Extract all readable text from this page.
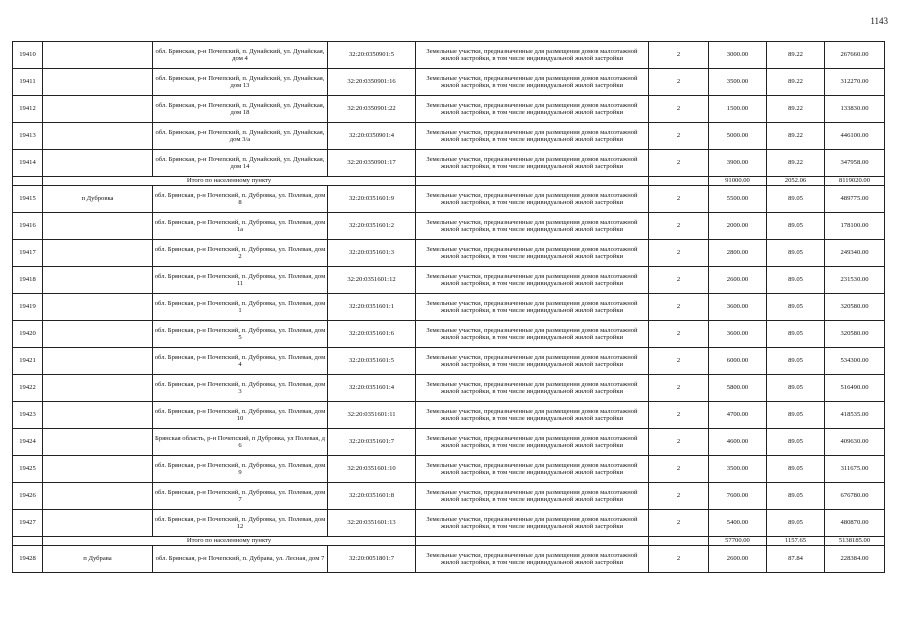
1143
19410		обл. Брянская, р-н Почепский, п. Дунайский, ул. Дунайская, дом 4	32:20:0350901:5	Земельные участки, предназначенные для размещения домов малоэтажной жилой застройки, в том числе индивидуальной жилой застройки	2	3000.00	89.22	267660.00
19411		обл. Брянская, р-н Почепский, п. Дунайский, ул. Дунайская, дом 13	32:20:0350901:16	Земельные участки, предназначенные для размещения домов малоэтажной жилой застройки, в том числе индивидуальной жилой застройки	2	3500.00	89.22	312270.00
19412		обл. Брянская, р-н Почепский, п. Дунайский, ул. Дунайская, дом 18	32:20:0350901:22	Земельные участки, предназначенные для размещения домов малоэтажной жилой застройки, в том числе индивидуальной жилой застройки	2	1500.00	89.22	133830.00
19413		обл. Брянская, р-н Почепский, п. Дунайский, ул. Дунайская, дом 3/а	32:20:0350901:4	Земельные участки, предназначенные для размещения домов малоэтажной жилой застройки, в том числе индивидуальной жилой застройки	2	5000.00	89.22	446100.00
19414		обл. Брянская, р-н Почепский, п. Дунайский, ул. Дунайская, дом 14	32:20:0350901:17	Земельные участки, предназначенные для размещения домов малоэтажной жилой застройки, в том числе индивидуальной жилой застройки	2	3900.00	89.22	347958.00
	Итого по населенному пункту					91000.00	2052.06	8119020.00
19415	п Дубровка	обл. Брянская, р-н Почепский, п. Дубровка, ул. Полевая, дом 8	32:20:0351601:9	Земельные участки, предназначенные для размещения домов малоэтажной жилой застройки, в том числе индивидуальной жилой застройки	2	5500.00	89.05	489775.00
19416		обл. Брянская, р-н Почепский, п. Дубровка, ул. Полевая, дом 1а	32:20:0351601:2	Земельные участки, предназначенные для размещения домов малоэтажной жилой застройки, в том числе индивидуальной жилой застройки	2	2000.00	89.05	178100.00
19417		обл. Брянская, р-н Почепский, п. Дубровка, ул. Полевая, дом 2	32:20:0351601:3	Земельные участки, предназначенные для размещения домов малоэтажной жилой застройки, в том числе индивидуальной жилой застройки	2	2800.00	89.05	249340.00
19418		обл. Брянская, р-н Почепский, п. Дубровка, ул. Полевая, дом 11	32:20:0351601:12	Земельные участки, предназначенные для размещения домов малоэтажной жилой застройки, в том числе индивидуальной жилой застройки	2	2600.00	89.05	231530.00
19419		обл. Брянская, р-н Почепский, п. Дубровка, ул. Полевая, дом 1	32:20:0351601:1	Земельные участки, предназначенные для размещения домов малоэтажной жилой застройки, в том числе индивидуальной жилой застройки	2	3600.00	89.05	320580.00
19420		обл. Брянская, р-н Почепский, п. Дубровка, ул. Полевая, дом 5	32:20:0351601:6	Земельные участки, предназначенные для размещения домов малоэтажной жилой застройки, в том числе индивидуальной жилой застройки	2	3600.00	89.05	320580.00
19421		обл. Брянская, р-н Почепский, п. Дубровка, ул. Полевая, дом 4	32:20:0351601:5	Земельные участки, предназначенные для размещения домов малоэтажной жилой застройки, в том числе индивидуальной жилой застройки	2	6000.00	89.05	534300.00
19422		обл. Брянская, р-н Почепский, п. Дубровка, ул. Полевая, дом 3	32:20:0351601:4	Земельные участки, предназначенные для размещения домов малоэтажной жилой застройки, в том числе индивидуальной жилой застройки	2	5800.00	89.05	516490.00
19423		обл. Брянская, р-н Почепский, п. Дубровка, ул. Полевая, дом 10	32:20:0351601:11	Земельные участки, предназначенные для размещения домов малоэтажной жилой застройки, в том числе индивидуальной жилой застройки	2	4700.00	89.05	418535.00
19424		Брянская область, р-н Почепский, п Дубровка, ул Полевая, д 6	32:20:0351601:7	Земельные участки, предназначенные для размещения домов малоэтажной жилой застройки, в том числе индивидуальной жилой застройки	2	4600.00	89.05	409630.00
19425		обл. Брянская, р-н Почепский, п. Дубровка, ул. Полевая, дом 9	32:20:0351601:10	Земельные участки, предназначенные для размещения домов малоэтажной жилой застройки, в том числе индивидуальной жилой застройки	2	3500.00	89.05	311675.00
19426		обл. Брянская, р-н Почепский, п. Дубровка, ул. Полевая, дом 7	32:20:0351601:8	Земельные участки, предназначенные для размещения домов малоэтажной жилой застройки, в том числе индивидуальной жилой застройки	2	7600.00	89.05	676780.00
19427		обл. Брянская, р-н Почепский, п. Дубровка, ул. Полевая, дом 12	32:20:0351601:13	Земельные участки, предназначенные для размещения домов малоэтажной жилой застройки, в том числе индивидуальной жилой застройки	2	5400.00	89.05	480870.00
	Итого по населенному пункту					57700.00	1157.65	5138185.00
19428	п Дубрава	обл. Брянская, р-н Почепский, п. Дубрава, ул. Лесная, дом 7	32:20:0051801:7	Земельные участки, предназначенные для размещения домов малоэтажной жилой застройки, в том числе индивидуальной жилой застройки	2	2600.00	87.84	228384.00
